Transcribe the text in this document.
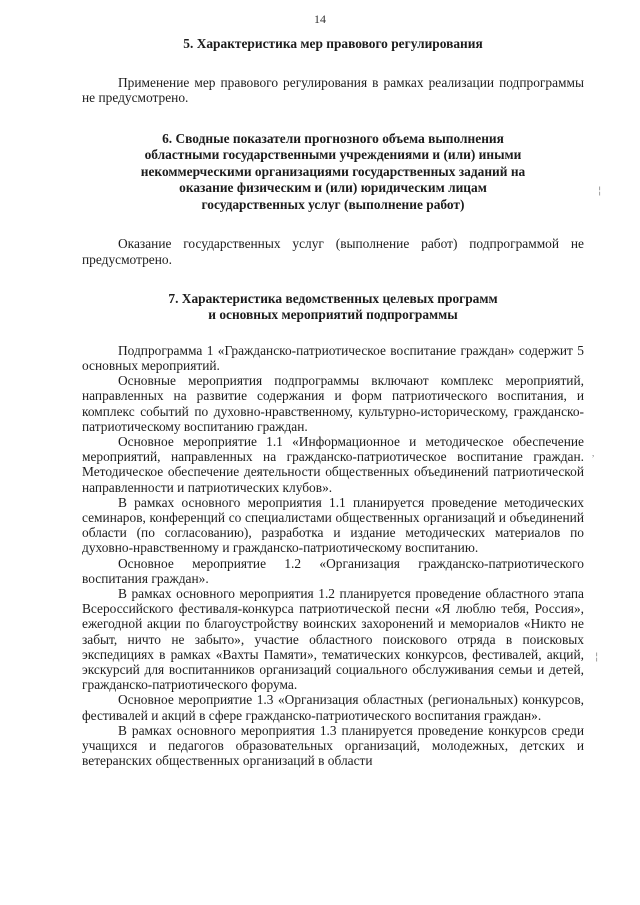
14
5. Характеристика мер правового регулирования

Применение мер правового регулирования в рамках реализации подпрограммы не предусмотрено.

6. Сводные показатели прогнозного объема выполнения
областными государственными учреждениями и (или) иными
некоммерческими организациями государственных заданий на
оказание физическим и (или) юридическим лицам
государственных услуг (выполнение работ)

Оказание государственных услуг (выполнение работ) подпрограммой не предусмотрено.

7. Характеристика ведомственных целевых программ
и основных мероприятий подпрограммы

Подпрограмма 1 «Гражданско-патриотическое воспитание граждан» содержит 5 основных мероприятий.

Основные мероприятия подпрограммы включают комплекс мероприятий, направленных на развитие содержания и форм патриотического воспитания, и комплекс событий по духовно-нравственному, культурно-историческому, гражданско-патриотическому воспитанию граждан.

Основное мероприятие 1.1 «Информационное и методическое обеспечение мероприятий, направленных на гражданско-патриотическое воспитание граждан. Методическое обеспечение деятельности общественных объединений патриотической направленности и патриотических клубов».

В рамках основного мероприятия 1.1 планируется проведение методических семинаров, конференций со специалистами общественных организаций и объединений области (по согласованию), разработка и издание методических материалов по духовно-нравственному и гражданско-патриотическому воспитанию.

Основное мероприятие 1.2 «Организация гражданско-патриотического воспитания граждан».

В рамках основного мероприятия 1.2 планируется проведение областного этапа Всероссийского фестиваля-конкурса патриотической песни «Я люблю тебя, Россия», ежегодной акции по благоустройству воинских захоронений и мемориалов «Никто не забыт, ничто не забыто», участие областного поискового отряда в поисковых экспедициях в рамках «Вахты Памяти», тематических конкурсов, фестивалей, акций, экскурсий для воспитанников организаций социального обслуживания семьи и детей, гражданско-патриотического форума.

Основное мероприятие 1.3 «Организация областных (региональных) конкурсов, фестивалей и акций в сфере гражданско-патриотического воспитания граждан».

В рамках основного мероприятия 1.3 планируется проведение конкурсов среди учащихся и педагогов образовательных организаций, молодежных, детских и ветеранских общественных организаций в области

╎
,
╎
